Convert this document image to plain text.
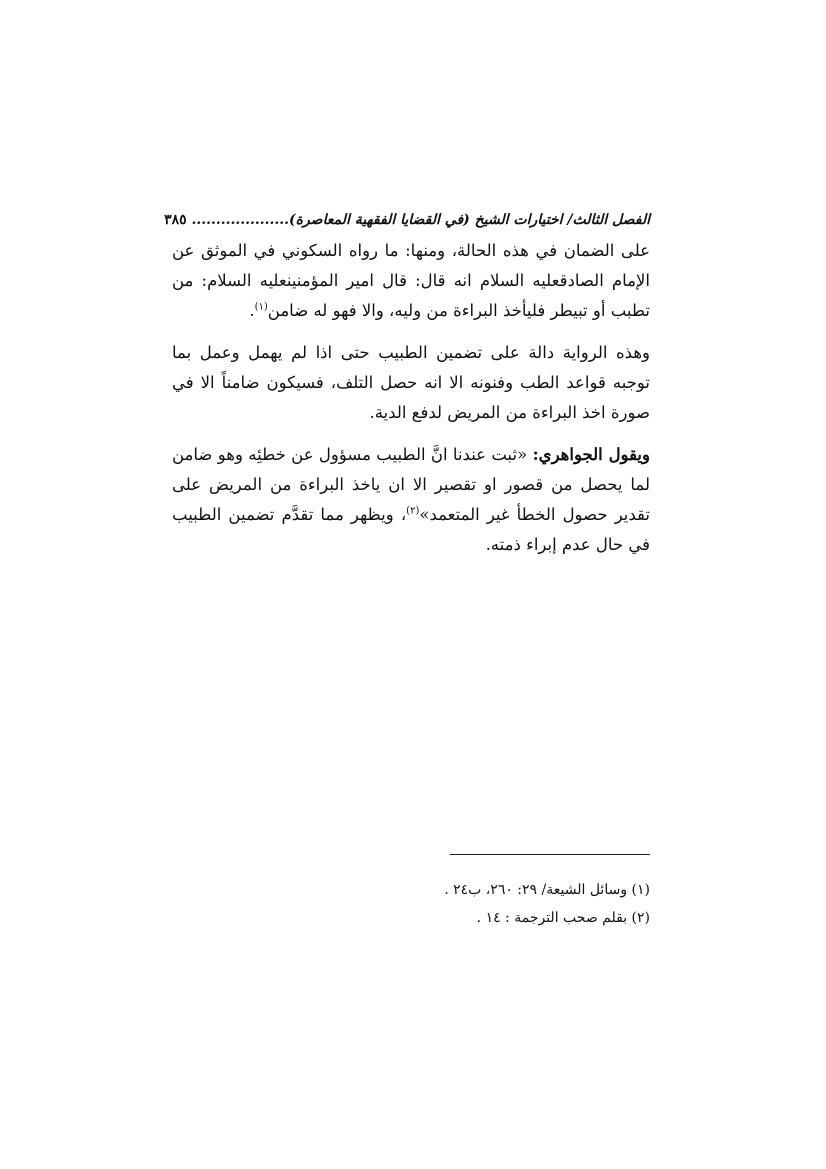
الفصل الثالث/ اختيارات الشيخ (في القضايا الفقهية المعاصرة)
.................... ٣٨٥

على الضمان في هذه الحالة، ومنها: ما رواه السكوني في الموثق عن الإمام الصادقعليه السلام انه قال: قال امير المؤمنينعليه السلام: من تطبب أو تبيطر فليأخذ البراءة من وليه، والا فهو له ضامن$^{(١)}$.

وهذه الرواية دالة على تضمين الطبيب حتى اذا لم يهمل وعمل بما توجبه قواعد الطب وفنونه الا انه حصل التلف، فسيكون ضامناً الا في صورة اخذ البراءة من المريض لدفع الدية.

ويقول الجواهري: «ثبت عندنا انَّ الطبيب مسؤول عن خطئِه وهو ضامن لما يحصل من قصور او تقصير الا ان ياخذ البراءة من المريض على تقدير حصول الخطأ غير المتعمد»$^{(٢)}$، ويظهر مما تقدَّم تضمين الطبيب في حال عدم إبراء ذمته.

(١) وسائل الشيعة/ ٢٩: ٢٦٠، ب٢٤ .

(٢) بقلم صحب الترجمة : ١٤ .
